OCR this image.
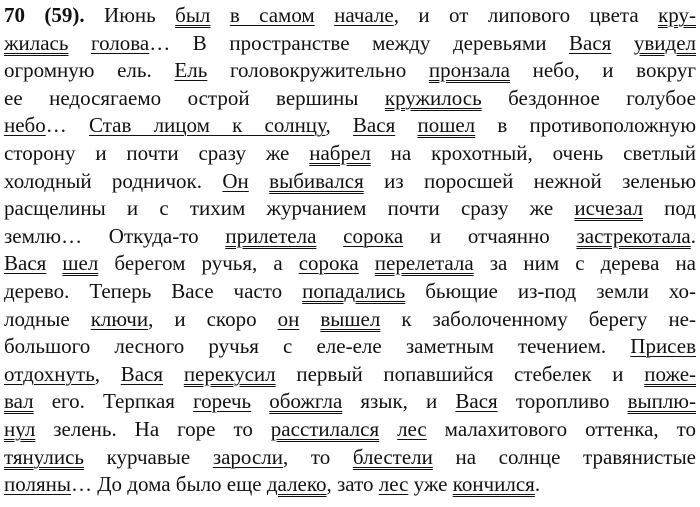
70 (59). Июнь был в самом начале, и от липового цвета кру-
жилась голова… В пространстве между деревьями Вася увидел
огромную ель. Ель головокружительно пронзала небо, и вокруг
ее недосягаемо острой вершины кружилось бездонное голубое
небо… Став лицом к солнцу, Вася пошел в противоположную
сторону и почти сразу же набрел на крохотный, очень светлый
холодный родничок. Он выбивался из поросшей нежной зеленью
расщелины и с тихим журчанием почти сразу же исчезал под
землю… Откуда-то прилетела сорока и отчаянно застрекотала.
Вася шел берегом ручья, а сорока перелетала за ним с дерева на
дерево. Теперь Васе часто попадались бьющие из-под земли хо-
лодные ключи, и скоро он вышел к заболоченному берегу не-
большого лесного ручья с еле-еле заметным течением. Присев
отдохнуть, Вася перекусил первый попавшийся стебелек и поже-
вал его. Терпкая горечь обожгла язык, и Вася торопливо выплю-
нул зелень. На горе то расстилался лес малахитового оттенка, то
тянулись курчавые заросли, то блестели на солнце травянистые
поляны… До дома было еще далеко, зато лес уже кончился.
